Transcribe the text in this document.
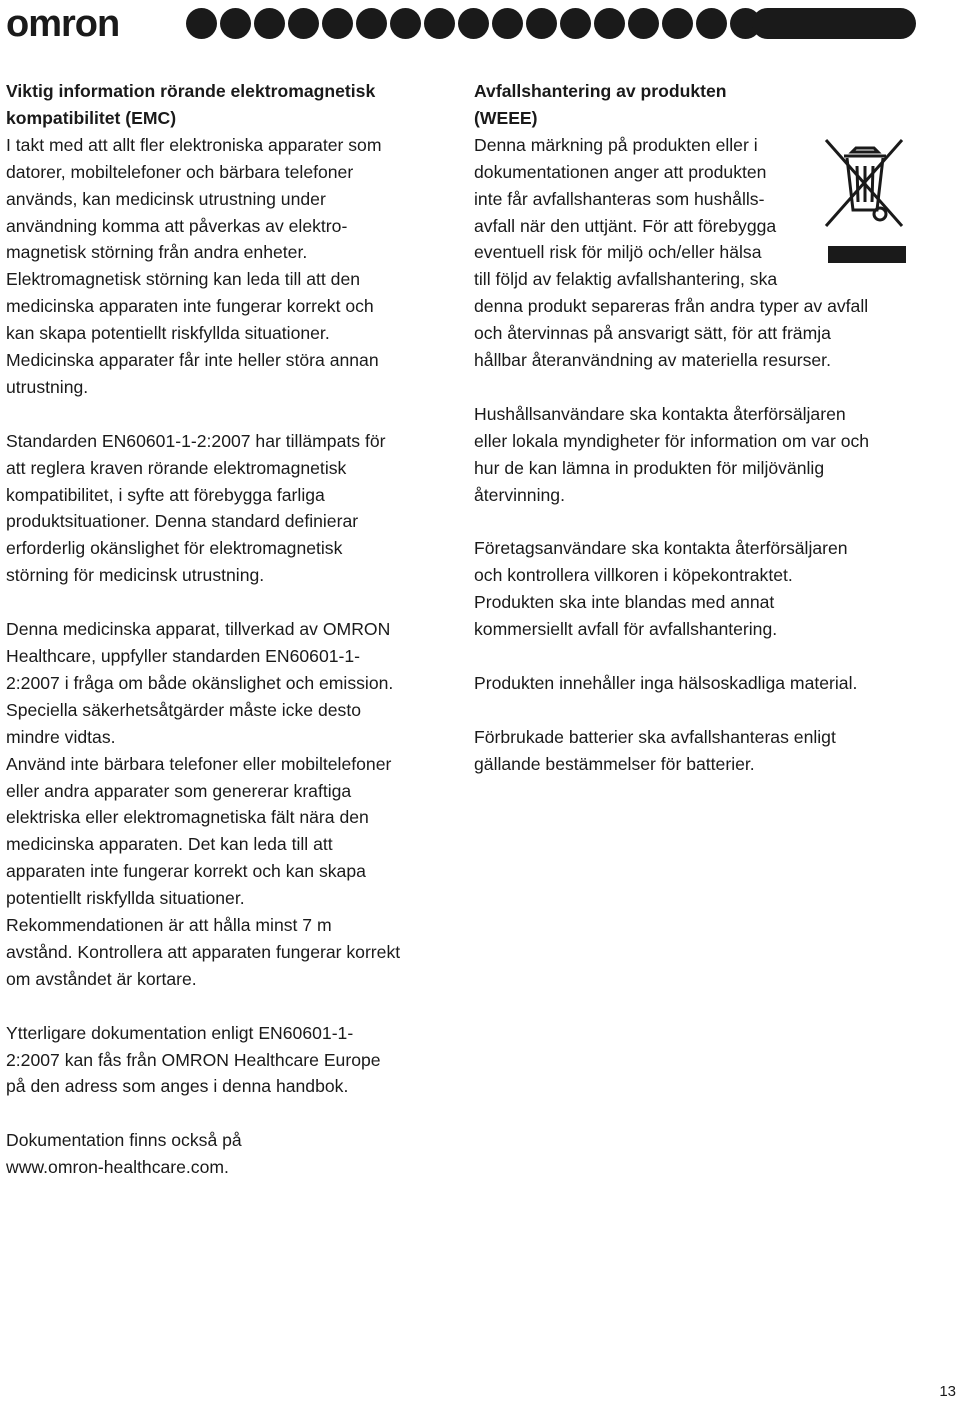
omron

Viktig information rörande elektromagnetisk
kompatibilitet (EMC)

I takt med att allt fler elektroniska apparater som
datorer, mobiltelefoner och bärbara telefoner
används, kan medicinsk utrustning under
användning komma att påverkas av elektro-
magnetisk störning från andra enheter.
Elektromagnetisk störning kan leda till att den
medicinska apparaten inte fungerar korrekt och
kan skapa potentiellt riskfyllda situationer.
Medicinska apparater får inte heller störa annan
utrustning.

Standarden EN60601-1-2:2007 har tillämpats för
att reglera kraven rörande elektromagnetisk
kompatibilitet, i syfte att förebygga farliga
produktsituationer. Denna standard definierar
erforderlig okänslighet för elektromagnetisk
störning för medicinsk utrustning.

Denna medicinska apparat, tillverkad av OMRON
Healthcare, uppfyller standarden EN60601-1-
2:2007 i fråga om både okänslighet och emission.
Speciella säkerhetsåtgärder måste icke desto
mindre vidtas.
Använd inte bärbara telefoner eller mobiltelefoner
eller andra apparater som genererar kraftiga
elektriska eller elektromagnetiska fält nära den
medicinska apparaten. Det kan leda till att
apparaten inte fungerar korrekt och kan skapa
potentiellt riskfyllda situationer.
Rekommendationen är att hålla minst 7 m
avstånd. Kontrollera att apparaten fungerar korrekt
om avståndet är kortare.

Ytterligare dokumentation enligt EN60601-1-
2:2007 kan fås från OMRON Healthcare Europe
på den adress som anges i denna handbok.

Dokumentation finns också på
www.omron-healthcare.com.

Avfallshantering av produkten
(WEEE)

Denna märkning på produkten eller i
dokumentationen anger att produkten
inte får avfallshanteras som hushålls-
avfall när den uttjänt. För att förebygga
eventuell risk för miljö och/eller hälsa
till följd av felaktig avfallshantering, ska

denna produkt separeras från andra typer av avfall
och återvinnas på ansvarigt sätt, för att främja
hållbar återanvändning av materiella resurser.

Hushållsanvändare ska kontakta återförsäljaren
eller lokala myndigheter för information om var och
hur de kan lämna in produkten för miljövänlig
återvinning.

Företagsanvändare ska kontakta återförsäljaren
och kontrollera villkoren i köpekontraktet.
Produkten ska inte blandas med annat
kommersiellt avfall för avfallshantering.

Produkten innehåller inga hälsoskadliga material.

Förbrukade batterier ska avfallshanteras enligt
gällande bestämmelser för batterier.

13
